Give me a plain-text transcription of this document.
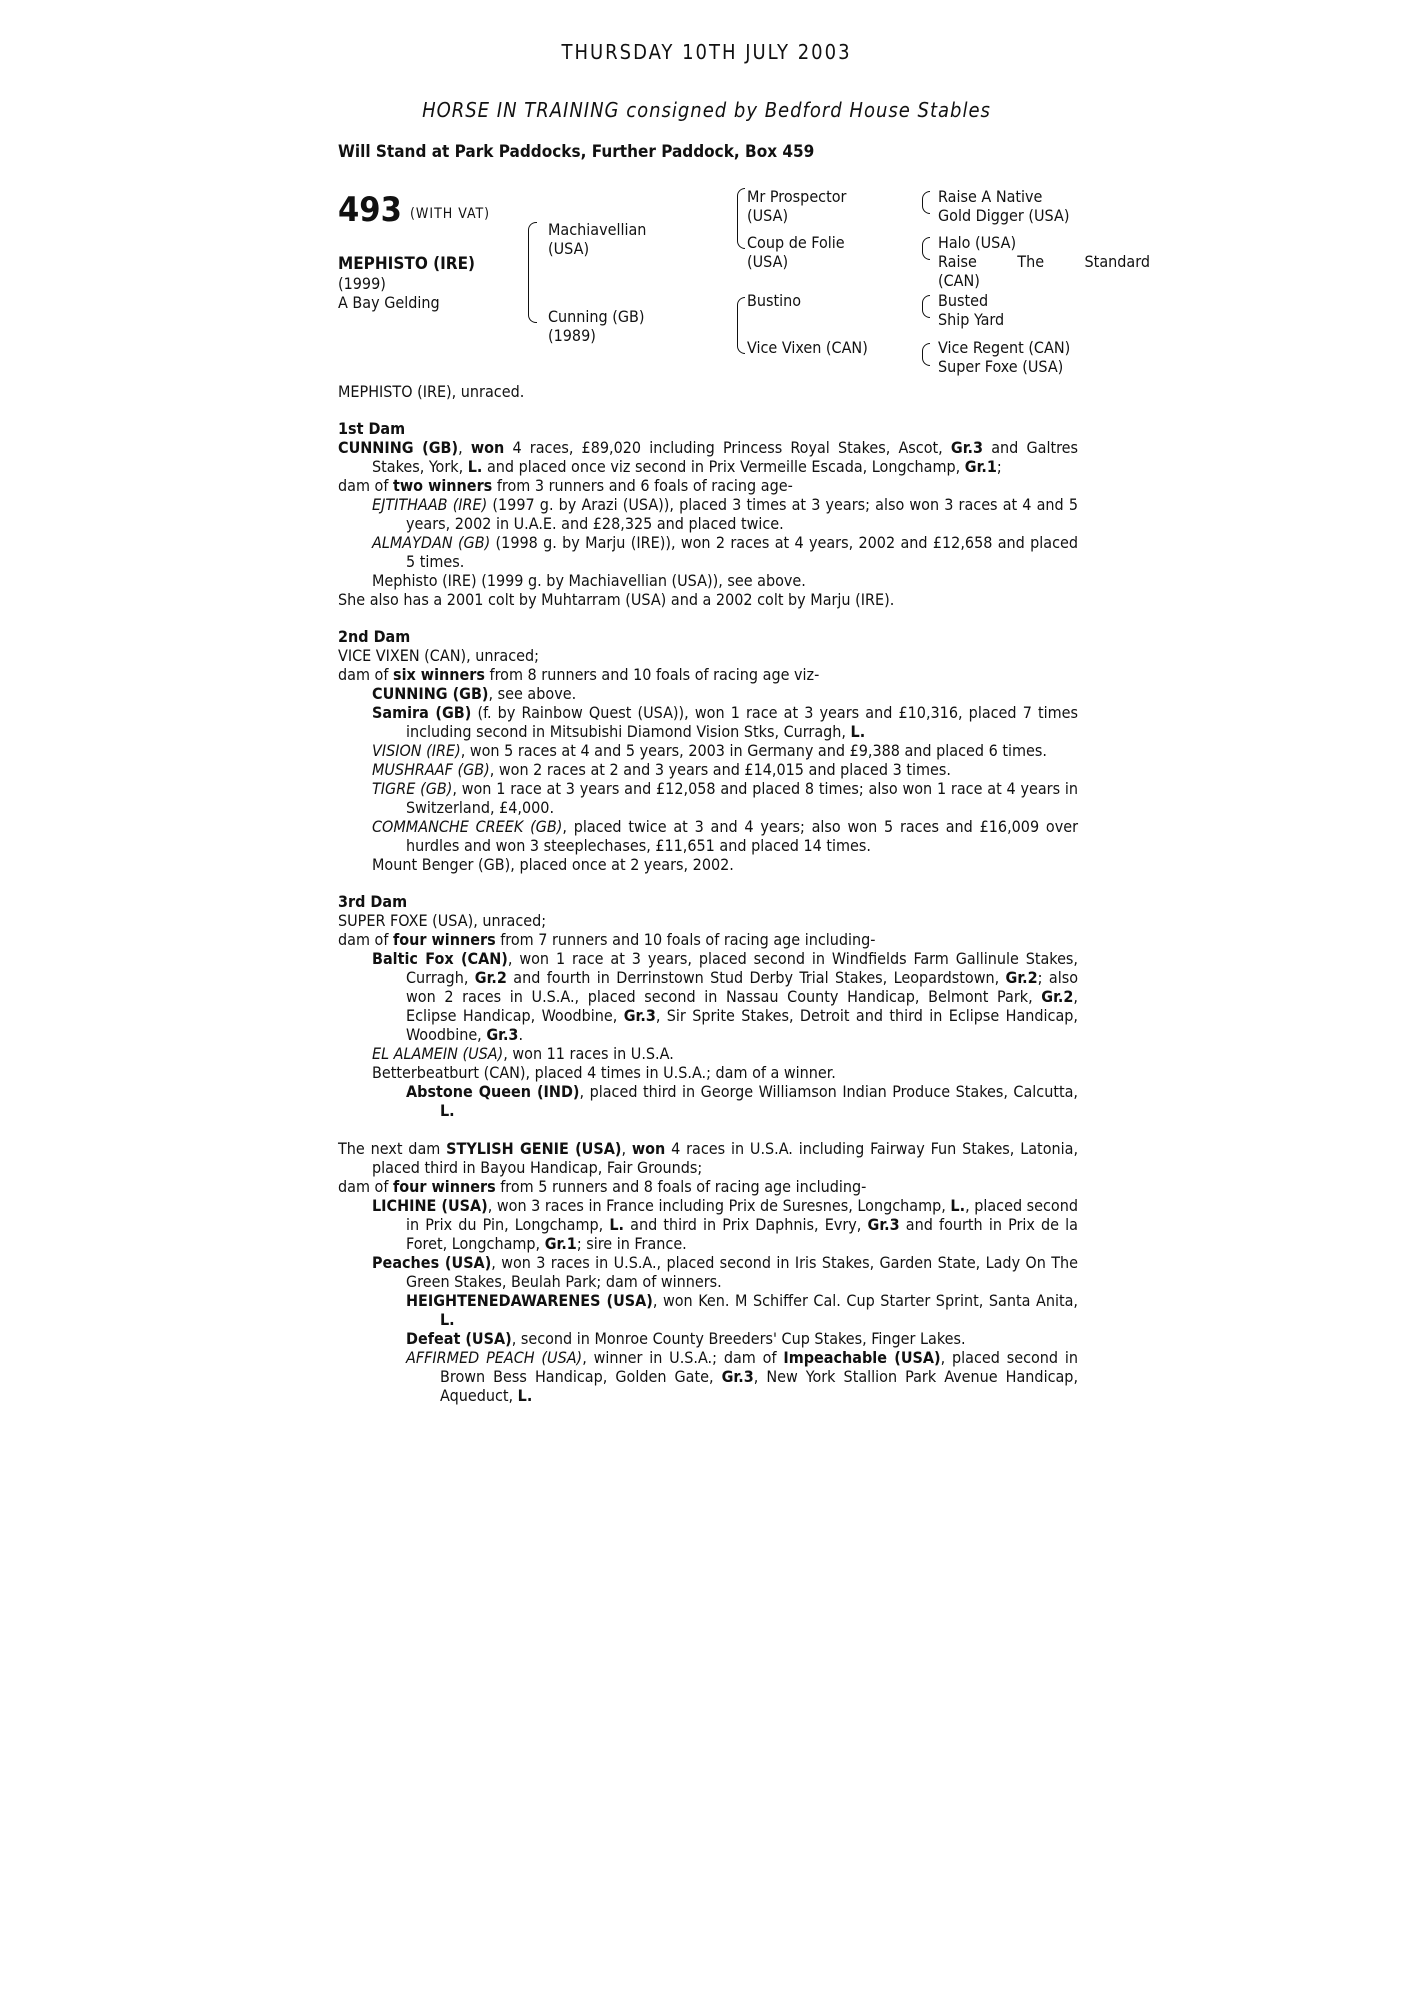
THURSDAY 10TH JULY 2003
HORSE IN TRAINING consigned by Bedford House Stables
Will Stand at Park Paddocks, Further Paddock, Box 459
493 (WITH VAT)
MEPHISTO (IRE)
(1999)
A Bay Gelding
Machiavellian (USA)
Cunning (GB) (1989)
Mr Prospector (USA)
Coup de Folie (USA)
Bustino
Vice Vixen (CAN)
Raise A Native
Gold Digger (USA)
Halo (USA)
Raise The Standard (CAN)
Busted
Ship Yard
Vice Regent (CAN)
Super Foxe (USA)

MEPHISTO (IRE), unraced.

1st Dam

CUNNING (GB), won 4 races, £89,020 including Princess Royal Stakes, Ascot, Gr.3 and Galtres Stakes, York, L. and placed once viz second in Prix Vermeille Escada, Longchamp, Gr.1;

dam of two winners from 3 runners and 6 foals of racing age-

EJTITHAAB (IRE) (1997 g. by Arazi (USA)), placed 3 times at 3 years; also won 3 races at 4 and 5 years, 2002 in U.A.E. and £28,325 and placed twice.

ALMAYDAN (GB) (1998 g. by Marju (IRE)), won 2 races at 4 years, 2002 and £12,658 and placed 5 times.

Mephisto (IRE) (1999 g. by Machiavellian (USA)), see above.

She also has a 2001 colt by Muhtarram (USA) and a 2002 colt by Marju (IRE).

2nd Dam

VICE VIXEN (CAN), unraced;

dam of six winners from 8 runners and 10 foals of racing age viz-

CUNNING (GB), see above.

Samira (GB) (f. by Rainbow Quest (USA)), won 1 race at 3 years and £10,316, placed 7 times including second in Mitsubishi Diamond Vision Stks, Curragh, L.

VISION (IRE), won 5 races at 4 and 5 years, 2003 in Germany and £9,388 and placed 6 times.

MUSHRAAF (GB), won 2 races at 2 and 3 years and £14,015 and placed 3 times.

TIGRE (GB), won 1 race at 3 years and £12,058 and placed 8 times; also won 1 race at 4 years in Switzerland, £4,000.

COMMANCHE CREEK (GB), placed twice at 3 and 4 years; also won 5 races and £16,009 over hurdles and won 3 steeplechases, £11,651 and placed 14 times.

Mount Benger (GB), placed once at 2 years, 2002.

3rd Dam

SUPER FOXE (USA), unraced;

dam of four winners from 7 runners and 10 foals of racing age including-

Baltic Fox (CAN), won 1 race at 3 years, placed second in Windfields Farm Gallinule Stakes, Curragh, Gr.2 and fourth in Derrinstown Stud Derby Trial Stakes, Leopardstown, Gr.2; also won 2 races in U.S.A., placed second in Nassau County Handicap, Belmont Park, Gr.2, Eclipse Handicap, Woodbine, Gr.3, Sir Sprite Stakes, Detroit and third in Eclipse Handicap, Woodbine, Gr.3.

EL ALAMEIN (USA), won 11 races in U.S.A.

Betterbeatburt (CAN), placed 4 times in U.S.A.; dam of a winner.

Abstone Queen (IND), placed third in George Williamson Indian Produce Stakes, Calcutta, L.

The next dam STYLISH GENIE (USA), won 4 races in U.S.A. including Fairway Fun Stakes, Latonia, placed third in Bayou Handicap, Fair Grounds;

dam of four winners from 5 runners and 8 foals of racing age including-

LICHINE (USA), won 3 races in France including Prix de Suresnes, Longchamp, L., placed second in Prix du Pin, Longchamp, L. and third in Prix Daphnis, Evry, Gr.3 and fourth in Prix de la Foret, Longchamp, Gr.1; sire in France.

Peaches (USA), won 3 races in U.S.A., placed second in Iris Stakes, Garden State, Lady On The Green Stakes, Beulah Park; dam of winners.

HEIGHTENEDAWARENES (USA), won Ken. M Schiffer Cal. Cup Starter Sprint, Santa Anita, L.

Defeat (USA), second in Monroe County Breeders' Cup Stakes, Finger Lakes.

AFFIRMED PEACH (USA), winner in U.S.A.; dam of Impeachable (USA), placed second in Brown Bess Handicap, Golden Gate, Gr.3, New York Stallion Park Avenue Handicap, Aqueduct, L.
